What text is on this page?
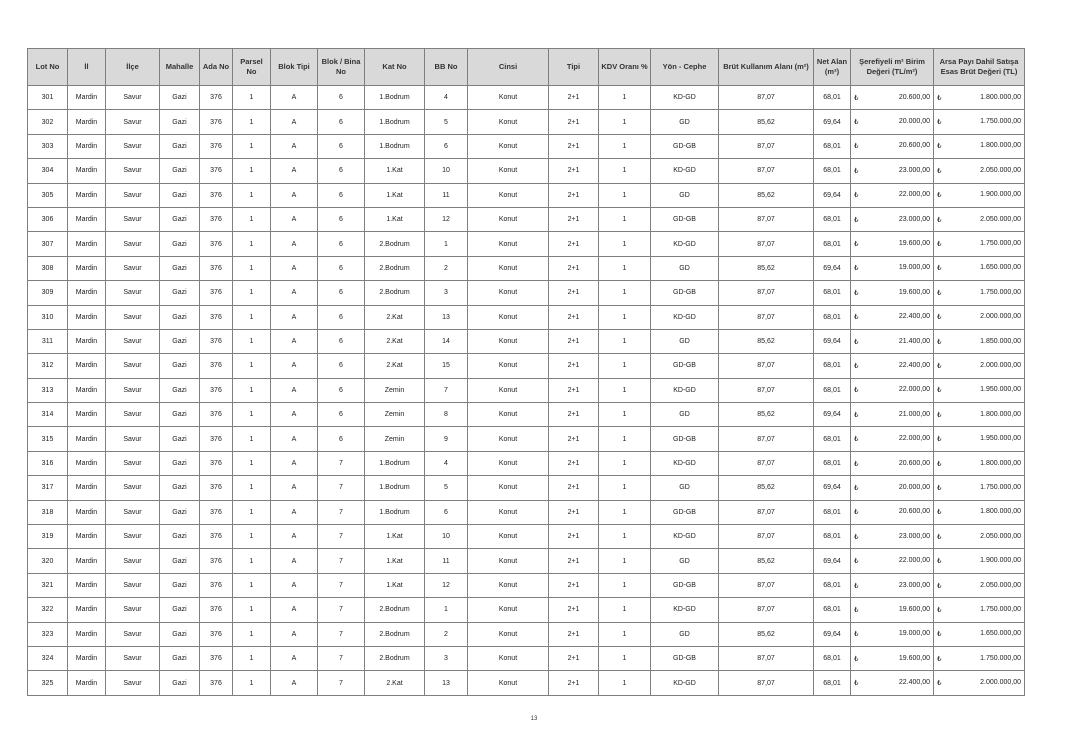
Lot No	İl	İlçe	Mahalle	Ada No	Parsel No	Blok Tipi	Blok / Bina No	Kat No	BB No	Cinsi	Tipi	KDV Oranı %	Yön - Cephe	Brüt Kullanım Alanı (m²)	Net Alan (m²)	Şerefiyeli m² Birim Değeri (TL/m²)	Arsa Payı Dahil Satışa Esas Brüt Değeri (TL)
301	Mardin	Savur	Gazi	376	1	A	6	1.Bodrum	4	Konut	2+1	1	KD-GD	87,07	68,01	₺ 20.600,00	₺ 1.800.000,00

302	Mardin	Savur	Gazi	376	1	A	6	1.Bodrum	5	Konut	2+1	1	GD	85,62	69,64	₺ 20.000,00	₺ 1.750.000,00

303	Mardin	Savur	Gazi	376	1	A	6	1.Bodrum	6	Konut	2+1	1	GD-GB	87,07	68,01	₺ 20.600,00	₺ 1.800.000,00

304	Mardin	Savur	Gazi	376	1	A	6	1.Kat	10	Konut	2+1	1	KD-GD	87,07	68,01	₺ 23.000,00	₺ 2.050.000,00

305	Mardin	Savur	Gazi	376	1	A	6	1.Kat	11	Konut	2+1	1	GD	85,62	69,64	₺ 22.000,00	₺ 1.900.000,00

306	Mardin	Savur	Gazi	376	1	A	6	1.Kat	12	Konut	2+1	1	GD-GB	87,07	68,01	₺ 23.000,00	₺ 2.050.000,00

307	Mardin	Savur	Gazi	376	1	A	6	2.Bodrum	1	Konut	2+1	1	KD-GD	87,07	68,01	₺ 19.600,00	₺ 1.750.000,00

308	Mardin	Savur	Gazi	376	1	A	6	2.Bodrum	2	Konut	2+1	1	GD	85,62	69,64	₺ 19.000,00	₺ 1.650.000,00

309	Mardin	Savur	Gazi	376	1	A	6	2.Bodrum	3	Konut	2+1	1	GD-GB	87,07	68,01	₺ 19.600,00	₺ 1.750.000,00

310	Mardin	Savur	Gazi	376	1	A	6	2.Kat	13	Konut	2+1	1	KD-GD	87,07	68,01	₺ 22.400,00	₺ 2.000.000,00

311	Mardin	Savur	Gazi	376	1	A	6	2.Kat	14	Konut	2+1	1	GD	85,62	69,64	₺ 21.400,00	₺ 1.850.000,00

312	Mardin	Savur	Gazi	376	1	A	6	2.Kat	15	Konut	2+1	1	GD-GB	87,07	68,01	₺ 22.400,00	₺ 2.000.000,00

313	Mardin	Savur	Gazi	376	1	A	6	Zemin	7	Konut	2+1	1	KD-GD	87,07	68,01	₺ 22.000,00	₺ 1.950.000,00

314	Mardin	Savur	Gazi	376	1	A	6	Zemin	8	Konut	2+1	1	GD	85,62	69,64	₺ 21.000,00	₺ 1.800.000,00

315	Mardin	Savur	Gazi	376	1	A	6	Zemin	9	Konut	2+1	1	GD-GB	87,07	68,01	₺ 22.000,00	₺ 1.950.000,00

316	Mardin	Savur	Gazi	376	1	A	7	1.Bodrum	4	Konut	2+1	1	KD-GD	87,07	68,01	₺ 20.600,00	₺ 1.800.000,00

317	Mardin	Savur	Gazi	376	1	A	7	1.Bodrum	5	Konut	2+1	1	GD	85,62	69,64	₺ 20.000,00	₺ 1.750.000,00

318	Mardin	Savur	Gazi	376	1	A	7	1.Bodrum	6	Konut	2+1	1	GD-GB	87,07	68,01	₺ 20.600,00	₺ 1.800.000,00

319	Mardin	Savur	Gazi	376	1	A	7	1.Kat	10	Konut	2+1	1	KD-GD	87,07	68,01	₺ 23.000,00	₺ 2.050.000,00

320	Mardin	Savur	Gazi	376	1	A	7	1.Kat	11	Konut	2+1	1	GD	85,62	69,64	₺ 22.000,00	₺ 1.900.000,00

321	Mardin	Savur	Gazi	376	1	A	7	1.Kat	12	Konut	2+1	1	GD-GB	87,07	68,01	₺ 23.000,00	₺ 2.050.000,00

322	Mardin	Savur	Gazi	376	1	A	7	2.Bodrum	1	Konut	2+1	1	KD-GD	87,07	68,01	₺ 19.600,00	₺ 1.750.000,00

323	Mardin	Savur	Gazi	376	1	A	7	2.Bodrum	2	Konut	2+1	1	GD	85,62	69,64	₺ 19.000,00	₺ 1.650.000,00

324	Mardin	Savur	Gazi	376	1	A	7	2.Bodrum	3	Konut	2+1	1	GD-GB	87,07	68,01	₺ 19.600,00	₺ 1.750.000,00

325	Mardin	Savur	Gazi	376	1	A	7	2.Kat	13	Konut	2+1	1	KD-GD	87,07	68,01	₺ 22.400,00	₺ 2.000.000,00
13
